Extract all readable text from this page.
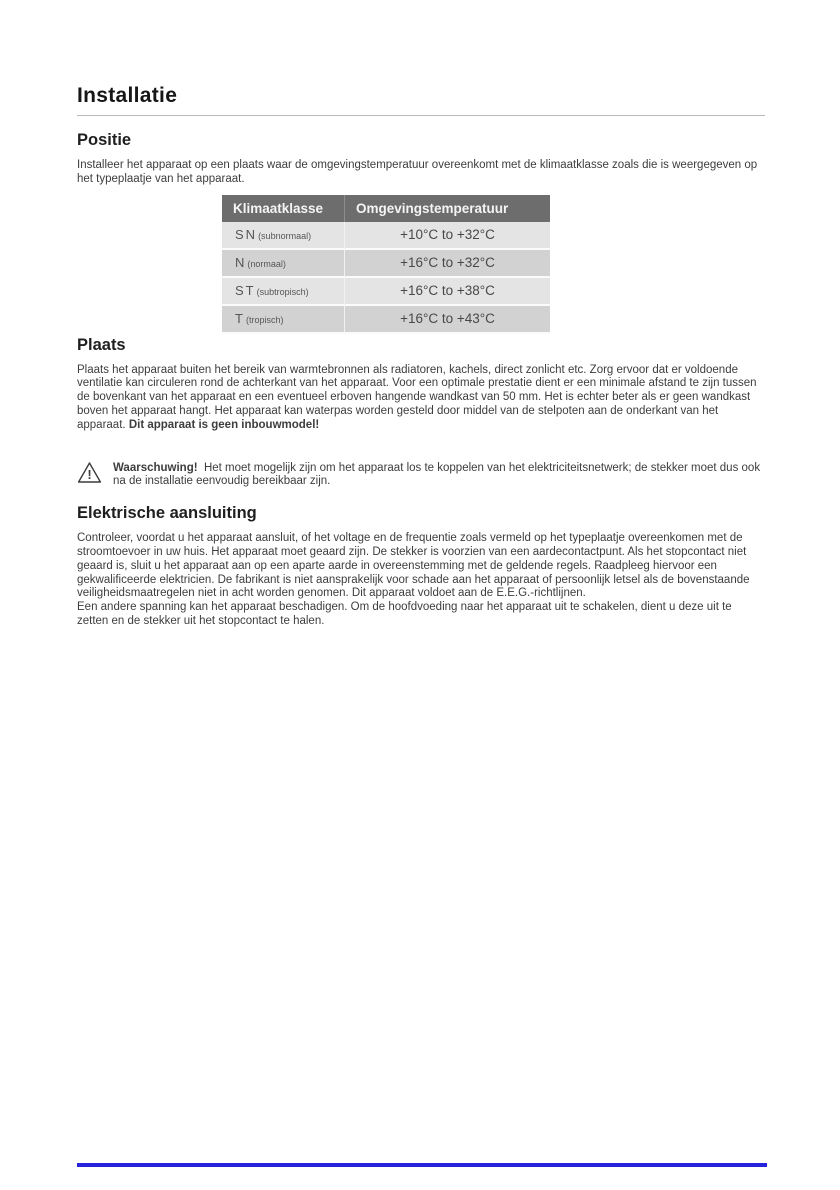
Installatie
Positie

Installeer het apparaat op een plaats waar de omgevingstemperatuur overeenkomt met de klimaatklasse zoals die is weergegeven op het typeplaatje van het apparaat.

Klimaatklasse	Omgevingstemperatuur
SN(subnormaal)	+10°C to +32°C
N(normaal)	+16°C to +32°C
ST(subtropisch)	+16°C to +38°C
T(tropisch)	+16°C to +43°C
Plaats

Plaats het apparaat buiten het bereik van warmtebronnen als radiatoren, kachels, direct zonlicht etc. Zorg ervoor dat er voldoende ventilatie kan circuleren rond de achterkant van het apparaat. Voor een optimale prestatie dient er een minimale afstand te zijn tussen de bovenkant van het apparaat en een eventueel erboven hangende wandkast van 50 mm. Het is echter beter als er geen wandkast boven het apparaat hangt. Het apparaat kan waterpas worden gesteld door middel van de stelpoten aan de onderkant van het apparaat. Dit apparaat is geen inbouwmodel!

! Waarschuwing! Het moet mogelijk zijn om het apparaat los te koppelen van het elektriciteitsnetwerk; de stekker moet dus ook na de installatie eenvoudig bereikbaar zijn.

Elektrische aansluiting

Controleer, voordat u het apparaat aansluit, of het voltage en de frequentie zoals vermeld op het typeplaatje overeenkomen met de stroomtoevoer in uw huis. Het apparaat moet geaard zijn. De stekker is voorzien van een aardecontactpunt. Als het stopcontact niet geaard is, sluit u het apparaat aan op een aparte aarde in overeenstemming met de geldende regels. Raadpleeg hiervoor een gekwalificeerde elektricien. De fabrikant is niet aansprakelijk voor schade aan het apparaat of persoonlijk letsel als de bovenstaande veiligheidsmaatregelen niet in acht worden genomen. Dit apparaat voldoet aan de E.E.G.-richtlijnen.

Een andere spanning kan het apparaat beschadigen. Om de hoofdvoeding naar het apparaat uit te schakelen, dient u deze uit te zetten en de stekker uit het stopcontact te halen.
